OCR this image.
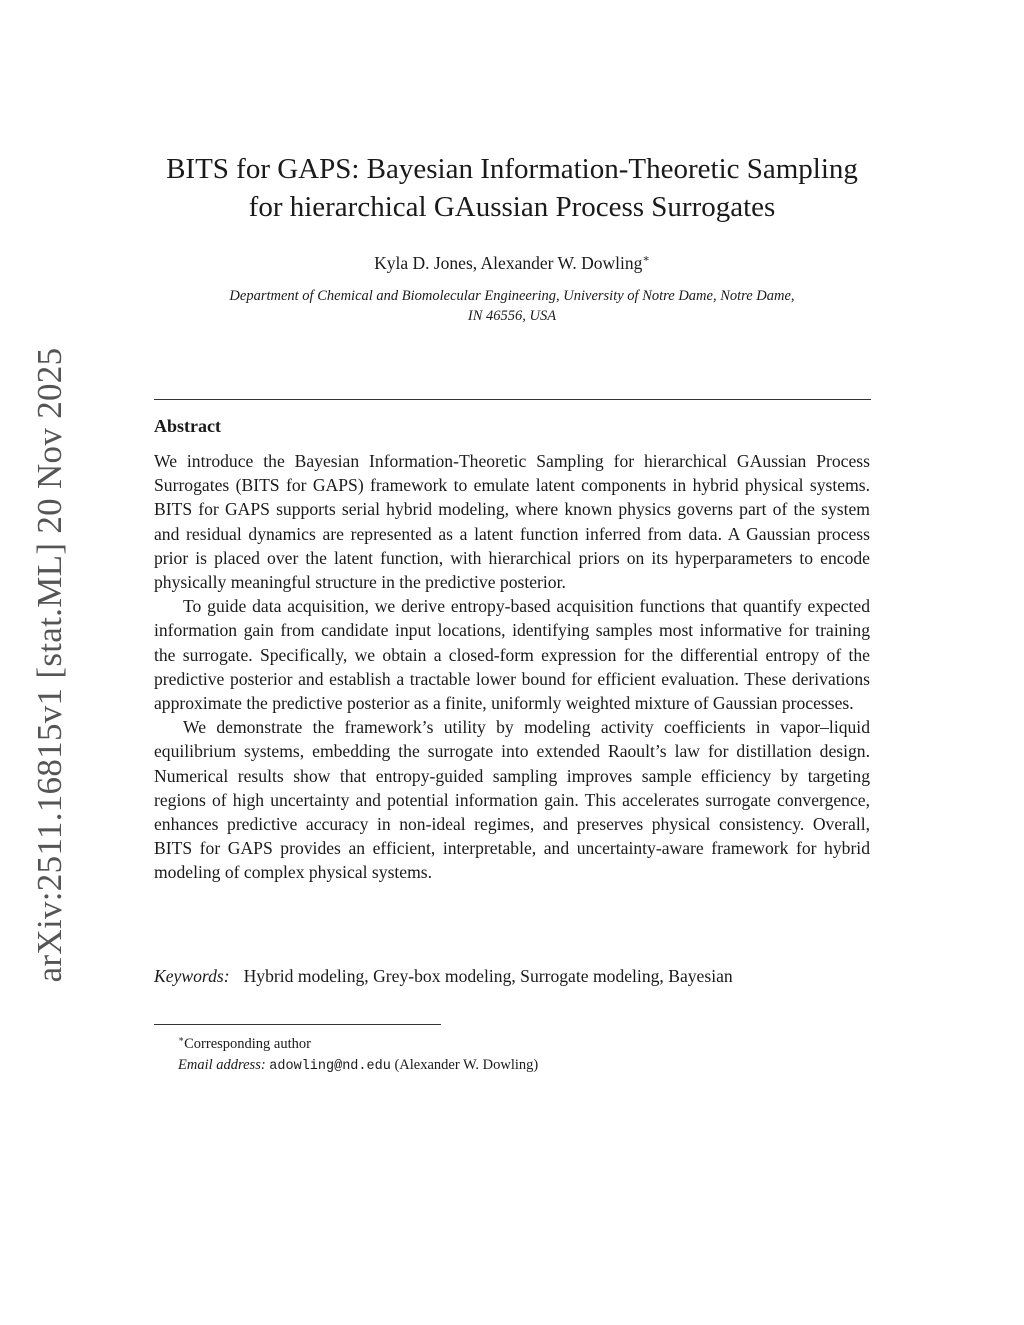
arXiv:2511.16815v1 [stat.ML] 20 Nov 2025
BITS for GAPS: Bayesian Information-Theoretic Sampling
for hierarchical GAussian Process Surrogates
Kyla D. Jones, Alexander W. Dowling∗
Department of Chemical and Biomolecular Engineering, University of Notre Dame, Notre Dame,
IN 46556, USA
Abstract

We introduce the Bayesian Information-Theoretic Sampling for hierarchical GAussian Process Surrogates (BITS for GAPS) framework to emulate latent components in hybrid physical systems. BITS for GAPS supports serial hybrid modeling, where known physics governs part of the system and residual dynamics are represented as a latent function inferred from data. A Gaussian process prior is placed over the latent function, with hierarchical priors on its hyperparameters to encode physically meaningful structure in the predictive posterior.

To guide data acquisition, we derive entropy-based acquisition functions that quantify expected information gain from candidate input locations, identifying samples most informative for training the surrogate. Specifically, we obtain a closed-form expression for the differential entropy of the predictive posterior and establish a tractable lower bound for efficient evaluation. These derivations approximate the predictive posterior as a finite, uniformly weighted mixture of Gaussian processes.

We demonstrate the framework’s utility by modeling activity coefficients in vapor–liquid equilibrium systems, embedding the surrogate into extended Raoult’s law for distillation design. Numerical results show that entropy-guided sampling improves sample efficiency by targeting regions of high uncertainty and potential information gain. This accelerates surrogate convergence, enhances predictive accuracy in non-ideal regimes, and preserves physical consistency. Overall, BITS for GAPS provides an efficient, interpretable, and uncertainty-aware framework for hybrid modeling of complex physical systems.

Keywords: Hybrid modeling, Grey-box modeling, Surrogate modeling, Bayesian
∗Corresponding author
Email address: adowling@nd.edu (Alexander W. Dowling)
